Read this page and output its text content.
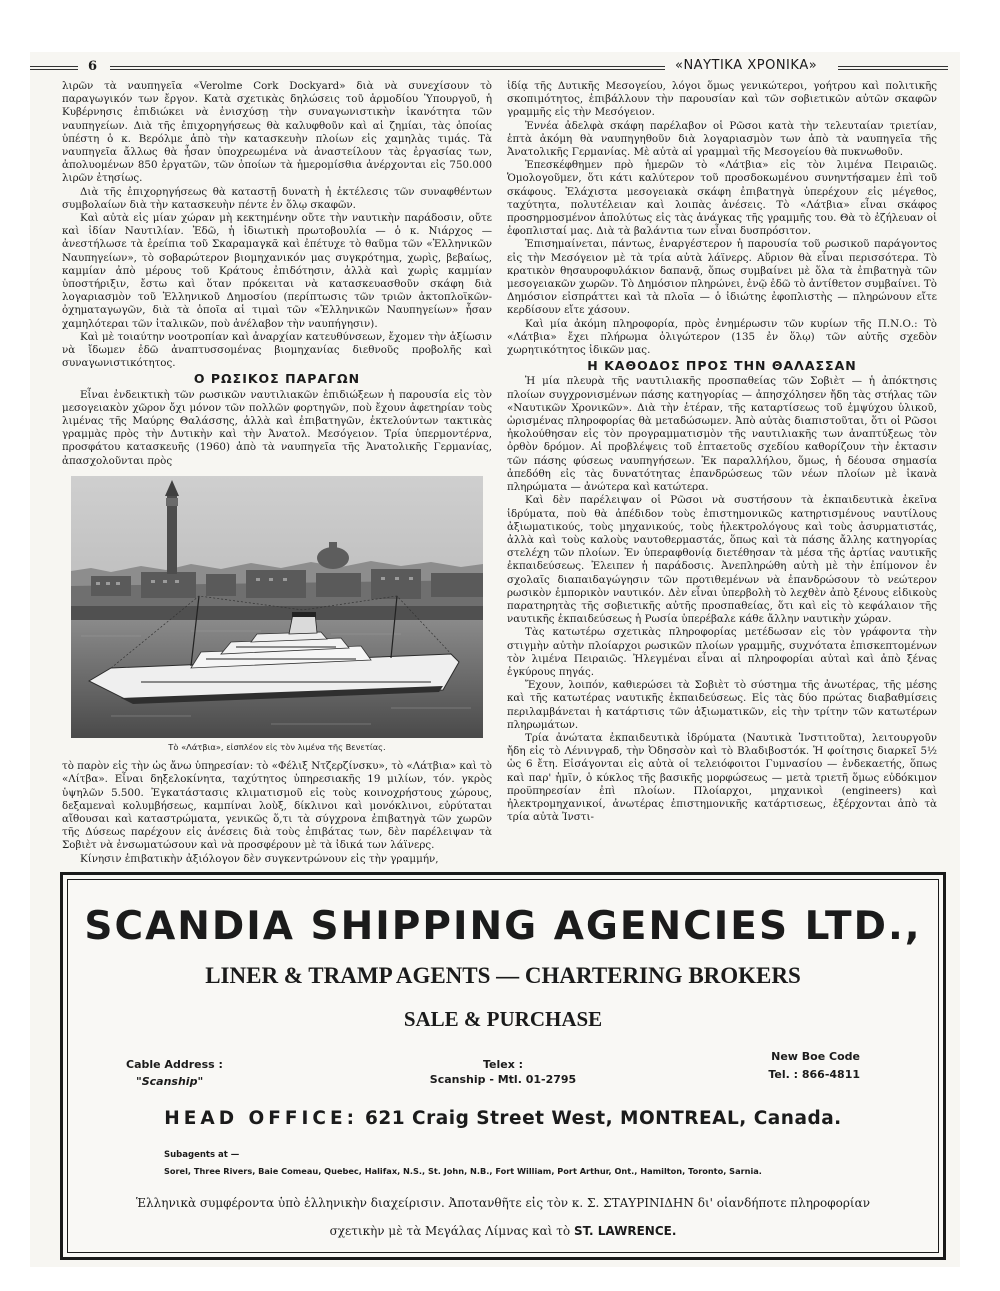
6	«ΝΑΥΤΙΚΑ ΧΡΟΝΙΚΑ»

λιρῶν τὰ ναυπηγεῖα «Verolme Cork Dockyard» διὰ νὰ συνεχίσουν τὸ παραγωγικόν των ἔργον. Κατὰ σχετικὰς δηλώσεις τοῦ ἁρμοδίου Ὑπουργοῦ, ἡ Κυβέρνησις ἐπιδιώκει νὰ ἐνισχύσῃ τὴν συναγωνιστικὴν ἱκανότητα τῶν ναυπηγείων. Διὰ τῆς ἐπιχορηγήσεως θὰ καλυφθοῦν καὶ αἱ ζημίαι, τὰς ὁποίας ὑπέστη ὁ κ. Βερόλμε ἀπὸ τὴν κατασκευὴν πλοίων εἰς χαμηλὰς τιμάς. Τὰ ναυπηγεῖα ἄλλως θὰ ἦσαν ὑποχρεωμένα νὰ ἀναστείλουν τὰς ἐργασίας των, ἀπολυομένων 850 ἐργατῶν, τῶν ὁποίων τὰ ἡμερομίσθια ἀνέρχονται εἰς 750.000 λιρῶν ἐτησίως.

Διὰ τῆς ἐπιχορηγήσεως θὰ καταστῇ δυνατὴ ἡ ἐκτέλεσις τῶν συναφθέντων συμβολαίων διὰ τὴν κατασκευὴν πέντε ἐν ὅλῳ σκαφῶν.

Καὶ αὐτὰ εἰς μίαν χώραν μὴ κεκτημένην οὔτε τὴν ναυτικὴν παράδοσιν, οὔτε καὶ ἰδίαν Ναυτιλίαν. Ἐδῶ, ἡ ἰδιωτικὴ πρωτοβουλία — ὁ κ. Νιάρχος — ἀνεστήλωσε τὰ ἐρείπια τοῦ Σκαραμαγκᾶ καὶ ἐπέτυχε τὸ θαῦμα τῶν «Ἑλληνικῶν Ναυπηγείων», τὸ σοβαρώτερον βιομηχανικόν μας συγκρότημα, χωρὶς, βεβαίως, καμμίαν ἀπὸ μέρους τοῦ Κράτους ἐπιδότησιν, ἀλλὰ καὶ χωρὶς καμμίαν ὑποστήριξιν, ἔστω καὶ ὅταν πρόκειται νὰ κατασκευασθοῦν σκάφη διὰ λογαριασμὸν τοῦ Ἑλληνικοῦ Δημοσίου (περίπτωσις τῶν τριῶν ἀκτοπλοϊκῶν-ὀχηματαγωγῶν, διὰ τὰ ὁποῖα αἱ τιμαὶ τῶν «Ἑλληνικῶν Ναυπηγείων» ἦσαν χαμηλότεραι τῶν ἰταλικῶν, ποὺ ἀνέλαβον τὴν ναυπήγησιν).

Καὶ μὲ τοιαύτην νοοτροπίαν καὶ ἀναρχίαν κατευθύνσεων, ἔχομεν τὴν ἀξίωσιν νὰ ἴδωμεν ἐδῶ ἀναπτυσσομένας βιομηχανίας διεθνοῦς προβολῆς καὶ συναγωνιστικότητος.

Ο ΡΩΣΙΚΟΣ ΠΑΡΑΓΩΝ

Εἶναι ἐνδεικτικὴ τῶν ρωσικῶν ναυτιλιακῶν ἐπιδιώξεων ἡ παρουσία εἰς τὸν μεσογειακὸν χῶρον ὄχι μόνον τῶν πολλῶν φορτηγῶν, ποὺ ἔχουν ἀφετηρίαν τοὺς λιμένας τῆς Μαύρης Θαλάσσης, ἀλλὰ καὶ ἐπιβατηγῶν, ἐκτελούντων τακτικὰς γραμμὰς πρὸς τὴν Δυτικὴν καὶ τὴν Ἀνατολ. Μεσόγειον. Τρία ὑπερμοντέρνα, προσφάτου κατασκευῆς (1960) ἀπὸ τὰ ναυπηγεῖα τῆς Ἀνατολικῆς Γερμανίας, ἀπασχολοῦνται πρὸς

Τὸ «Λάτβια», εἰσπλέον εἰς τὸν λιμένα τῆς Βενετίας.

τὸ παρὸν εἰς τὴν ὡς ἄνω ὑπηρεσίαν: τὸ «Φέλιξ Ντζερζίνσκυ», τὸ «Λάτβια» καὶ τὸ «Λίτβα». Εἶναι δηξελοκίνητα, ταχύτητος ὑπηρεσιακῆς 19 μιλίων, τόν. γκρὸς ὑψηλῶν 5.500. Ἐγκατάστασις κλιματισμοῦ εἰς τοὺς κοινοχρήστους χώρους, δεξαμεναὶ κολυμβήσεως, καμπίναι λοὺξ, δίκλινοι καὶ μονόκλινοι, εὐρύταται αἴθουσαι καὶ καταστρώματα, γενικῶς ὅ,τι τὰ σύγχρονα ἐπιβατηγὰ τῶν χωρῶν τῆς Δύσεως παρέχουν εἰς ἀνέσεις διὰ τοὺς ἐπιβάτας των, δὲν παρέλειψαν τὰ Σοβιὲτ νὰ ἐνσωματώσουν καὶ νὰ προσφέρουν μὲ τὰ ἰδικά των λάϊνερς.

Κίνησιν ἐπιβατικὴν ἀξιόλογον δὲν συγκεντρώνουν εἰς τὴν γραμμήν,

ἰδίᾳ τῆς Δυτικῆς Μεσογείου, λόγοι ὅμως γενικώτεροι, γοήτρου καὶ πολιτικῆς σκοπιμότητος, ἐπιβάλλουν τὴν παρουσίαν καὶ τῶν σοβιετικῶν αὐτῶν σκαφῶν γραμμῆς εἰς τὴν Μεσόγειον.

Ἐννέα ἀδελφὰ σκάφη παρέλαβον οἱ Ρῶσοι κατὰ τὴν τελευταίαν τριετίαν, ἑπτὰ ἀκόμη θὰ ναυπηγηθοῦν διὰ λογαριασμὸν των ἀπὸ τὰ ναυπηγεῖα τῆς Ἀνατολικῆς Γερμανίας. Μὲ αὐτὰ αἱ γραμμαὶ τῆς Μεσογείου θὰ πυκνωθοῦν.

Ἐπεσκέφθημεν πρὸ ἡμερῶν τὸ «Λάτβια» εἰς τὸν λιμένα Πειραιῶς. Ὁμολογοῦμεν, ὅτι κάτι καλύτερον τοῦ προσδοκωμένου συνηντήσαμεν ἐπὶ τοῦ σκάφους. Ἐλάχιστα μεσογειακὰ σκάφη ἐπιβατηγὰ ὑπερέχουν εἰς μέγεθος, ταχύτητα, πολυτέλειαν καὶ λοιπὰς ἀνέσεις. Τὸ «Λάτβια» εἶναι σκάφος προσηρμοσμένον ἀπολύτως εἰς τὰς ἀνάγκας τῆς γραμμῆς του. Θὰ τὸ ἐζήλευαν οἱ ἐφοπλισταί μας. Διὰ τὰ βαλάντια των εἶναι δυσπρόσιτον.

Ἐπισημαίνεται, πάντως, ἐναργέστερον ἡ παρουσία τοῦ ρωσικοῦ παράγοντος εἰς τὴν Μεσόγειον μὲ τὰ τρία αὐτὰ λάϊνερς. Αὔριον θὰ εἶναι περισσότερα. Τὸ κρατικὸν θησαυροφυλάκιον δαπανᾷ, ὅπως συμβαίνει μὲ ὅλα τὰ ἐπιβατηγὰ τῶν μεσογειακῶν χωρῶν. Τὸ Δημόσιον πληρώνει, ἐνῷ ἐδῶ τὸ ἀντίθετον συμβαίνει. Τὸ Δημόσιον εἰσπράττει καὶ τὰ πλοῖα — ὁ ἰδιώτης ἐφοπλιστὴς — πληρώνουν εἴτε κερδίσουν εἴτε χάσουν.

Καὶ μία ἀκόμη πληροφορία, πρὸς ἐνημέρωσιν τῶν κυρίων τῆς Π.Ν.Ο.: Τὸ «Λάτβια» ἔχει πλήρωμα ὀλιγώτερον (135 ἐν ὅλῳ) τῶν αὐτῆς σχεδὸν χωρητικότητος ἰδικῶν μας.

Η ΚΑΘΟΔΟΣ ΠΡΟΣ ΤΗΝ ΘΑΛΑΣΣΑΝ

Ἡ μία πλευρὰ τῆς ναυτιλιακῆς προσπαθείας τῶν Σοβιὲτ — ἡ ἀπόκτησις πλοίων συγχρονισμένων πάσης κατηγορίας — ἀπησχόλησεν ἤδη τὰς στήλας τῶν «Ναυτικῶν Χρονικῶν». Διὰ τὴν ἑτέραν, τῆς καταρτίσεως τοῦ ἐμψύχου ὑλικοῦ, ὡρισμένας πληροφορίας θὰ μεταδώσωμεν. Ἀπὸ αὐτὰς διαπιστοῦται, ὅτι οἱ Ρῶσοι ἠκολούθησαν εἰς τὸν προγραμματισμὸν τῆς ναυτιλιακῆς των ἀναπτύξεως τὸν ὀρθὸν δρόμον. Αἱ προβλέψεις τοῦ ἑπταετοῦς σχεδίου καθορίζουν τὴν ἐκτασιν τῶν πάσης φύσεως ναυπηγήσεων. Ἐκ παραλλήλου, ὅμως, ἡ δέουσα σημασία ἀπεδόθη εἰς τὰς δυνατότητας ἐπανδρώσεως τῶν νέων πλοίων μὲ ἱκανὰ πληρώματα — ἀνώτερα καὶ κατώτερα.

Καὶ δὲν παρέλειψαν οἱ Ρῶσοι νὰ συστήσουν τὰ ἐκπαιδευτικὰ ἐκεῖνα ἱδρύματα, ποὺ θὰ ἀπέδιδον τοὺς ἐπιστημονικῶς κατηρτισμένους ναυτίλους ἀξιωματικούς, τοὺς μηχανικούς, τοὺς ἠλεκτρολόγους καὶ τοὺς ἀσυρματιστάς, ἀλλὰ καὶ τοὺς καλοὺς ναυτοθερμαστάς, ὅπως καὶ τὰ πάσης ἄλλης κατηγορίας στελέχη τῶν πλοίων. Ἐν ὑπεραφθονίᾳ διετέθησαν τὰ μέσα τῆς ἀρτίας ναυτικῆς ἐκπαιδεύσεως. Ἐλειπεν ἡ παράδοσις. Ἀνεπληρώθη αὐτὴ μὲ τὴν ἐπίμονον ἐν σχολαῖς διαπαιδαγώγησιν τῶν προτιθεμένων νὰ ἐπανδρώσουν τὸ νεώτερον ρωσικὸν ἐμπορικὸν ναυτικόν. Δὲν εἶναι ὑπερβολὴ τὸ λεχθὲν ἀπὸ ξένους εἰδικοὺς παρατηρητὰς τῆς σοβιετικῆς αὐτῆς προσπαθείας, ὅτι καὶ εἰς τὸ κεφάλαιον τῆς ναυτικῆς ἐκπαιδεύσεως ἡ Ρωσία ὑπερέβαλε κάθε ἄλλην ναυτικὴν χώραν.

Τὰς κατωτέρω σχετικὰς πληροφορίας μετέδωσαν εἰς τὸν γράφοντα τὴν στιγμὴν αὐτὴν πλοίαρχοι ρωσικῶν πλοίων γραμμῆς, συχνότατα ἐπισκεπτομένων τὸν λιμένα Πειραιῶς. Ἠλεγμέναι εἶναι αἱ πληροφορίαι αὐταὶ καὶ ἀπὸ ξένας ἐγκύρους πηγάς.

Ἔχουν, λοιπόν, καθιερώσει τὰ Σοβιὲτ τὸ σύστημα τῆς ἀνωτέρας, τῆς μέσης καὶ τῆς κατωτέρας ναυτικῆς ἐκπαιδεύσεως. Εἰς τὰς δύο πρώτας διαβαθμίσεις περιλαμβάνεται ἡ κατάρτισις τῶν ἀξιωματικῶν, εἰς τὴν τρίτην τῶν κατωτέρων πληρωμάτων.

Τρία ἀνώτατα ἐκπαιδευτικὰ ἱδρύματα (Ναυτικὰ Ἰνστιτοῦτα), λειτουργοῦν ἤδη εἰς τὸ Λένινγραδ, τὴν Ὀδησσὸν καὶ τὸ Βλαδιβοστόκ. Ἡ φοίτησις διαρκεῖ 5½ ὡς 6 ἔτη. Εἰσάγονται εἰς αὐτὰ οἱ τελειόφοιτοι Γυμνασίου — ἐνδεκαετής, ὅπως καὶ παρ' ἡμῖν, ὁ κύκλος τῆς βασικῆς μορφώσεως — μετὰ τριετῆ ὅμως εὐδόκιμον προϋπηρεσίαν ἐπὶ πλοίων. Πλοίαρχοι, μηχανικοὶ (engineers) καὶ ἠλεκτρομηχανικοί, ἀνωτέρας ἐπιστημονικῆς κατάρτισεως, ἐξέρχονται ἀπὸ τὰ τρία αὐτὰ Ἰνστι-

SCANDIA SHIPPING AGENCIES LTD.,
LINER & TRAMP AGENTS — CHARTERING BROKERS
SALE & PURCHASE
Cable Address :
"Scanship"
Telex :
Scanship - Mtl. 01-2795
New Boe Code
Tel. : 866-4811
HEAD OFFICE: 621 Craig Street West, MONTREAL, Canada.
Subagents at —
Sorel, Three Rivers, Baie Comeau, Quebec, Halifax, N.S., St. John, N.B., Fort William, Port Arthur, Ont., Hamilton, Toronto, Sarnia.
Ἑλληνικὰ συμφέροντα ὑπὸ ἑλληνικὴν διαχείρισιν. Ἀποτανθῆτε εἰς τὸν κ. Σ. ΣΤΑΥΡΙΝΙΔΗΝ δι' οἱανδήποτε πληροφορίαν
σχετικὴν μὲ τὰ Μεγάλας Λίμνας καὶ τὸ ST. LAWRENCE.
